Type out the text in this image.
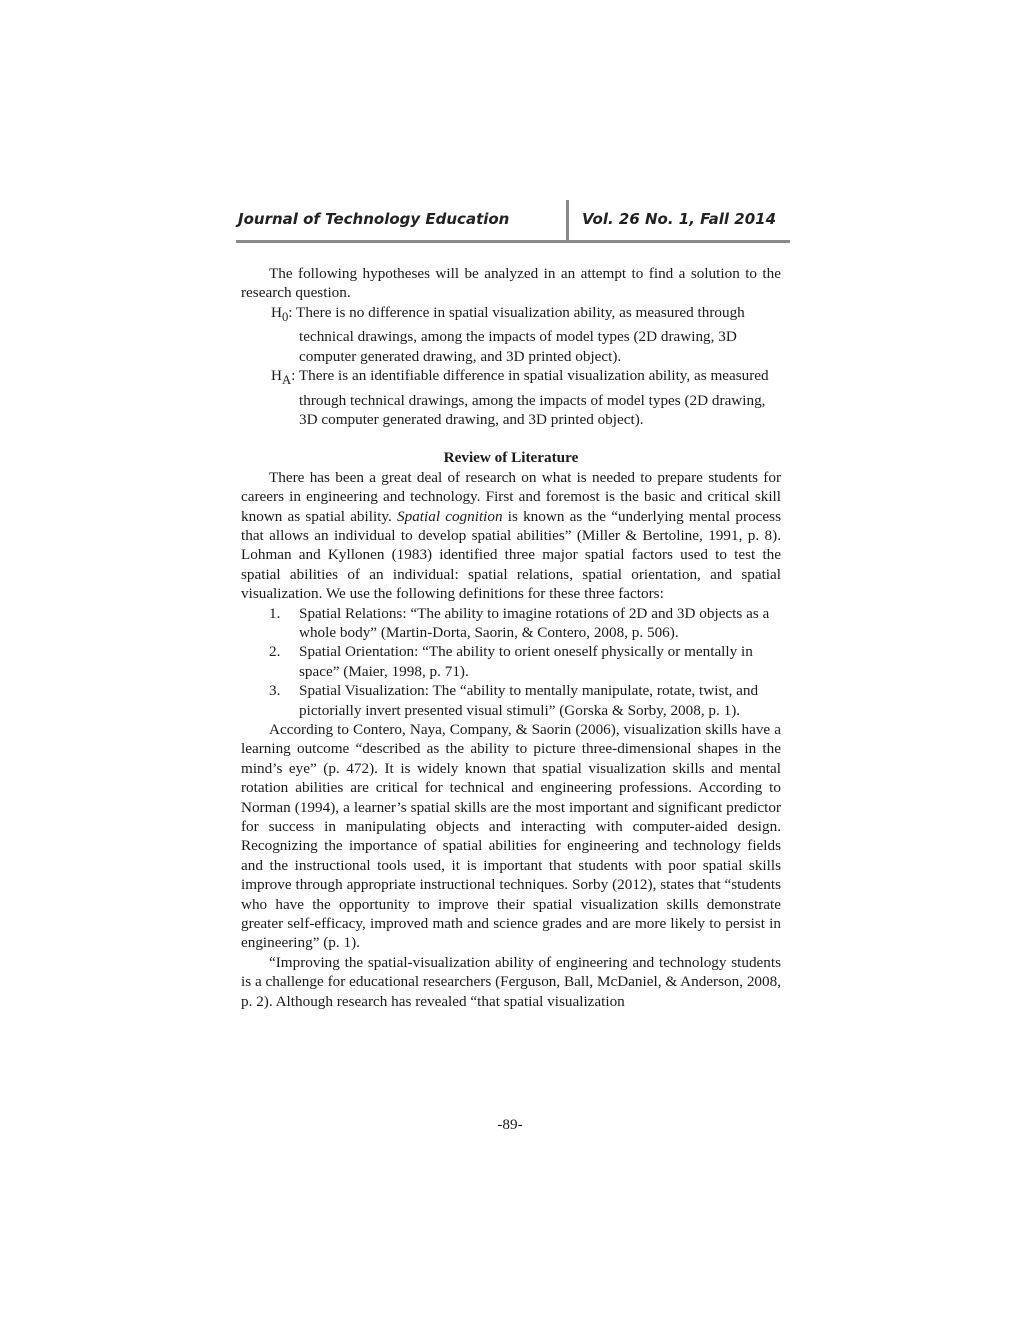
Journal of Technology Education	Vol. 26 No. 1, Fall 2014

The following hypotheses will be analyzed in an attempt to find a solution to the research question.

$H_0$: There is no difference in spatial visualization ability, as measured through technical drawings, among the impacts of model types (2D drawing, 3D computer generated drawing, and 3D printed object).

$H_A$: There is an identifiable difference in spatial visualization ability, as measured through technical drawings, among the impacts of model types (2D drawing, 3D computer generated drawing, and 3D printed object).

Review of Literature

There has been a great deal of research on what is needed to prepare students for careers in engineering and technology. First and foremost is the basic and critical skill known as spatial ability. Spatial cognition is known as the “underlying mental process that allows an individual to develop spatial abilities” (Miller & Bertoline, 1991, p. 8). Lohman and Kyllonen (1983) identified three major spatial factors used to test the spatial abilities of an individual: spatial relations, spatial orientation, and spatial visualization. We use the following definitions for these three factors:

1. Spatial Relations: “The ability to imagine rotations of 2D and 3D objects as a whole body” (Martin-Dorta, Saorin, & Contero, 2008, p. 506).
2. Spatial Orientation: “The ability to orient oneself physically or mentally in space” (Maier, 1998, p. 71).
3. Spatial Visualization: The “ability to mentally manipulate, rotate, twist, and pictorially invert presented visual stimuli” (Gorska & Sorby, 2008, p. 1).

According to Contero, Naya, Company, & Saorin (2006), visualization skills have a learning outcome “described as the ability to picture three-dimensional shapes in the mind’s eye” (p. 472). It is widely known that spatial visualization skills and mental rotation abilities are critical for technical and engineering professions. According to Norman (1994), a learner’s spatial skills are the most important and significant predictor for success in manipulating objects and interacting with computer-aided design. Recognizing the importance of spatial abilities for engineering and technology fields and the instructional tools used, it is important that students with poor spatial skills improve through appropriate instructional techniques. Sorby (2012), states that “students who have the opportunity to improve their spatial visualization skills demonstrate greater self-efficacy, improved math and science grades and are more likely to persist in engineering” (p. 1).

“Improving the spatial-visualization ability of engineering and technology students is a challenge for educational researchers (Ferguson, Ball, McDaniel, & Anderson, 2008, p. 2). Although research has revealed “that spatial visualization

-89-
